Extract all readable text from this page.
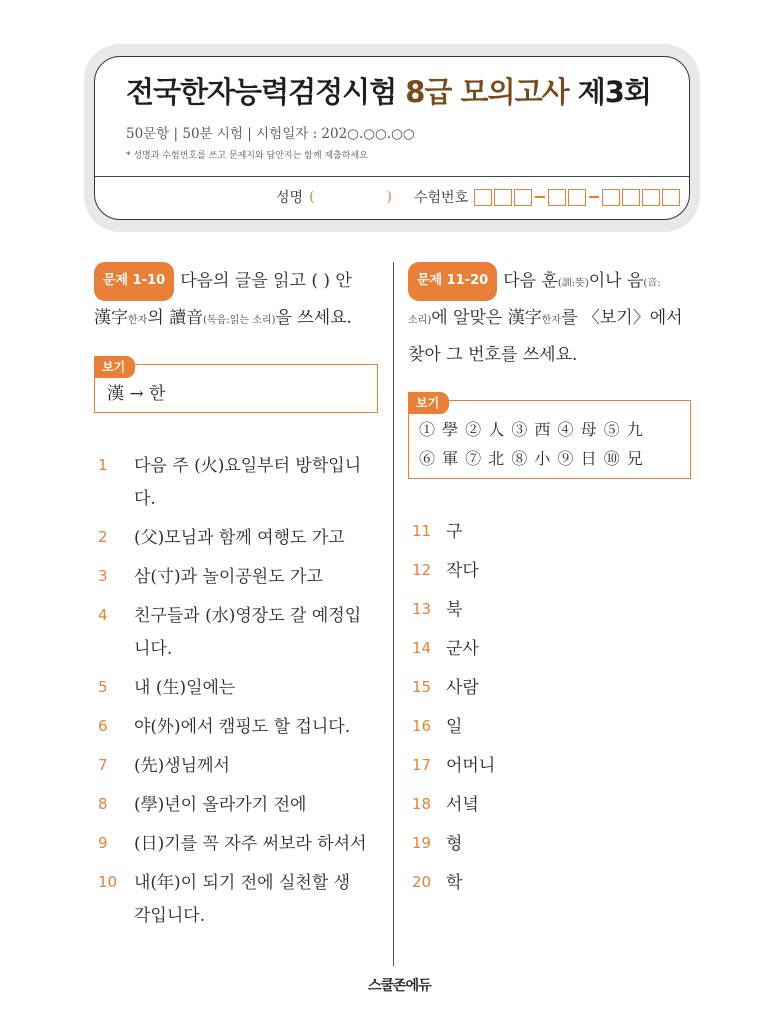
전국한자능력검정시험 8급 모의고사 제3회
50문항 | 50분 시험 | 시험일자 : 202○.○○.○○
* 성명과 수험번호를 쓰고 문제지와 답안지는 함께 제출하세요
성명 (	) 수험번호
문제 1-10 다음의 글을 읽고 ( ) 안
漢字한자의 讀音(독음:읽는 소리)을 쓰세요.
漢 → 한
보기
1 다음 주 (火)요일부터 방학입니
다.
2 (父)모님과 함께 여행도 가고
3 삼(寸)과 놀이공원도 가고
4 친구들과 (水)영장도 갈 예정입
니다.
5 내 (生)일에는
6 야(外)에서 캠핑도 할 겁니다.
7 (先)생님께서
8 (學)년이 올라가기 전에
9 (日)기를 꼭 자주 써보라 하셔서
10 내(年)이 되기 전에 실천할 생
각입니다.
문제 11-20 다음 훈(訓:뜻)이나 음(音:
소리)에 알맞은 漢字한자를 〈보기〉에서
찾아 그 번호를 쓰세요.
① 學 ② 人 ③ 西 ④ 母 ⑤ 九
⑥ 軍 ⑦ 北 ⑧ 小 ⑨ 日 ⑩ 兄
보기
11 구
12 작다
13 북
14 군사
15 사람
16 일
17 어머니
18 서녘
19 형
20 학
스쿨존에듀
